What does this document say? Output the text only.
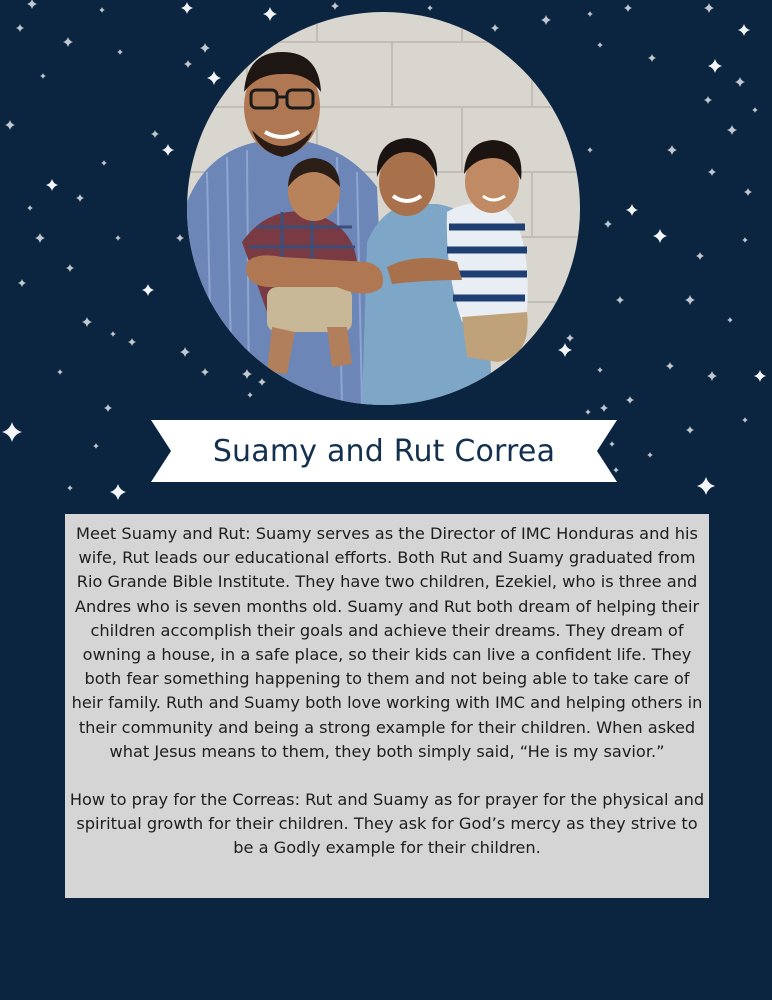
Suamy and Rut Correa

Meet Suamy and Rut: Suamy serves as the Director of IMC Honduras and his wife, Rut leads our educational efforts. Both Rut and Suamy graduated from Rio Grande Bible Institute. They have two children, Ezekiel, who is three and Andres who is seven months old. Suamy and Rut both dream of helping their children accomplish their goals and achieve their dreams. They dream of owning a house, in a safe place, so their kids can live a confident life. They both fear something happening to them and not being able to take care of heir family. Ruth and Suamy both love working with IMC and helping others in their community and being a strong example for their children. When asked what Jesus means to them, they both simply said, “He is my savior.”

How to pray for the Correas: Rut and Suamy as for prayer for the physical and spiritual growth for their children. They ask for God’s mercy as they strive to be a Godly example for their children.
